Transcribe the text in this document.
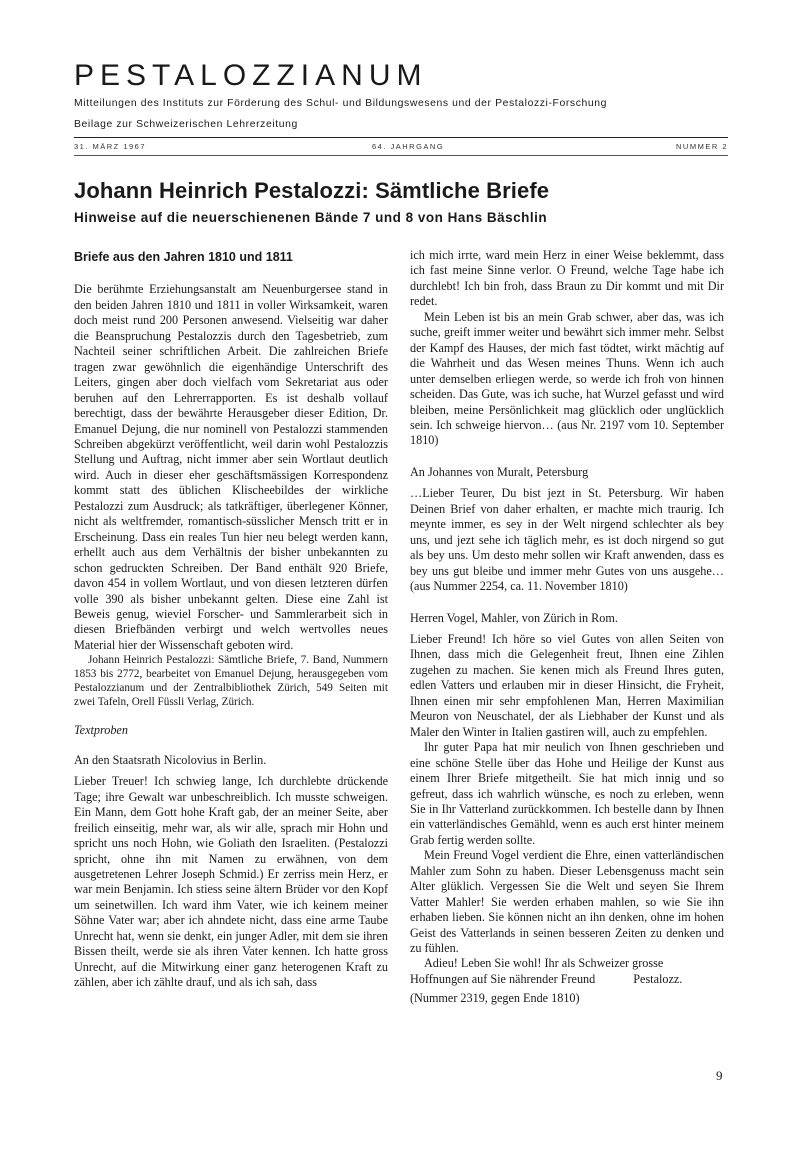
PESTALOZZIANUM
Mitteilungen des Instituts zur Förderung des Schul- und Bildungswesens und der Pestalozzi-Forschung
Beilage zur Schweizerischen Lehrerzeitung
31. MÄRZ 1967	64. JAHRGANG	NUMMER 2
Johann Heinrich Pestalozzi: Sämtliche Briefe
Hinweise auf die neuerschienenen Bände 7 und 8 von Hans Bäschlin
Briefe aus den Jahren 1810 und 1811

Die berühmte Erziehungsanstalt am Neuenburgersee stand in den beiden Jahren 1810 und 1811 in voller Wirksamkeit, waren doch meist rund 200 Personen anwesend. Vielseitig war daher die Beanspruchung Pestalozzis durch den Tagesbetrieb, zum Nachteil seiner schriftlichen Arbeit. Die zahlreichen Briefe tragen zwar gewöhnlich die eigenhändige Unterschrift des Leiters, gingen aber doch vielfach vom Sekretariat aus oder beruhen auf den Lehrerrapporten. Es ist deshalb vollauf berechtigt, dass der bewährte Herausgeber dieser Edition, Dr. Emanuel Dejung, die nur nominell von Pestalozzi stammenden Schreiben abgekürzt veröffentlicht, weil darin wohl Pestalozzis Stellung und Auftrag, nicht immer aber sein Wortlaut deutlich wird. Auch in dieser eher geschäftsmässigen Korrespondenz kommt statt des üblichen Klischeebildes der wirkliche Pestalozzi zum Ausdruck; als tatkräftiger, überlegener Könner, nicht als weltfremder, romantisch-süsslicher Mensch tritt er in Erscheinung. Dass ein reales Tun hier neu belegt werden kann, erhellt auch aus dem Verhältnis der bisher unbekannten zu schon gedruckten Schreiben. Der Band enthält 920 Briefe, davon 454 in vollem Wortlaut, und von diesen letzteren dürfen volle 390 als bisher unbekannt gelten. Diese eine Zahl ist Beweis genug, wieviel Forscher- und Sammlerarbeit sich in diesen Briefbänden verbirgt und welch wertvolles neues Material hier der Wissenschaft geboten wird.

Johann Heinrich Pestalozzi: Sämtliche Briefe, 7. Band, Nummern 1853 bis 2772, bearbeitet von Emanuel Dejung, herausgegeben vom Pestalozzianum und der Zentralbibliothek Zürich, 549 Seiten mit zwei Tafeln, Orell Füssli Verlag, Zürich.

Textproben
An den Staatsrath Nicolovius in Berlin.

Lieber Treuer! Ich schwieg lange, Ich durchlebte drückende Tage; ihre Gewalt war unbeschreiblich. Ich musste schweigen. Ein Mann, dem Gott hohe Kraft gab, der an meiner Seite, aber freilich einseitig, mehr war, als wir alle, sprach mir Hohn und spricht uns noch Hohn, wie Goliath den Israeliten. (Pestalozzi spricht, ohne ihn mit Namen zu erwähnen, von dem ausgetretenen Lehrer Joseph Schmid.) Er zerriss mein Herz, er war mein Benjamin. Ich stiess seine ältern Brüder vor den Kopf um seinetwillen. Ich ward ihm Vater, wie ich keinem meiner Söhne Vater war; aber ich ahndete nicht, dass eine arme Taube Unrecht hat, wenn sie denkt, ein junger Adler, mit dem sie ihren Bissen theilt, werde sie als ihren Vater kennen. Ich hatte gross Unrecht, auf die Mitwirkung einer ganz heterogenen Kraft zu zählen, aber ich zählte drauf, und als ich sah, dass

ich mich irrte, ward mein Herz in einer Weise beklemmt, dass ich fast meine Sinne verlor. O Freund, welche Tage habe ich durchlebt! Ich bin froh, dass Braun zu Dir kommt und mit Dir redet.

Mein Leben ist bis an mein Grab schwer, aber das, was ich suche, greift immer weiter und bewährt sich immer mehr. Selbst der Kampf des Hauses, der mich fast tödtet, wirkt mächtig auf die Wahrheit und das Wesen meines Thuns. Wenn ich auch unter demselben erliegen werde, so werde ich froh von hinnen scheiden. Das Gute, was ich suche, hat Wurzel gefasst und wird bleiben, meine Persönlichkeit mag glücklich oder unglücklich sein. Ich schweige hiervon… (aus Nr. 2197 vom 10. September 1810)

An Johannes von Muralt, Petersburg

…Lieber Teurer, Du bist jezt in St. Petersburg. Wir haben Deinen Brief von daher erhalten, er machte mich traurig. Ich meynte immer, es sey in der Welt nirgend schlechter als bey uns, und jezt sehe ich täglich mehr, es ist doch nirgend so gut als bey uns. Um desto mehr sollen wir Kraft anwenden, dass es bey uns gut bleibe und immer mehr Gutes von uns ausgehe… (aus Nummer 2254, ca. 11. November 1810)

Herren Vogel, Mahler, von Zürich in Rom.

Lieber Freund! Ich höre so viel Gutes von allen Seiten von Ihnen, dass mich die Gelegenheit freut, Ihnen eine Zihlen zugehen zu machen. Sie kenen mich als Freund Ihres guten, edlen Vatters und erlauben mir in dieser Hinsicht, die Fryheit, Ihnen einen mir sehr empfohlenen Man, Herren Maximilian Meuron von Neuschatel, der als Liebhaber der Kunst und als Maler den Winter in Italien gastiren will, auch zu empfehlen.

Ihr guter Papa hat mir neulich von Ihnen geschrieben und eine schöne Stelle über das Hohe und Heilige der Kunst aus einem Ihrer Briefe mitgetheilt. Sie hat mich innig und so gefreut, dass ich wahrlich wünsche, es noch zu erleben, wenn Sie in Ihr Vatterland zurückkommen. Ich bestelle dann by Ihnen ein vatterländisches Gemähld, wenn es auch erst hinter meinem Grab fertig werden sollte.

Mein Freund Vogel verdient die Ehre, einen vatterländischen Mahler zum Sohn zu haben. Dieser Lebensgenuss macht sein Alter glüklich. Vergessen Sie die Welt und seyen Sie Ihrem Vatter Mahler! Sie werden erhaben mahlen, so wie Sie ihn erhaben lieben. Sie können nicht an ihn denken, ohne im hohen Geist des Vatterlands in seinen besseren Zeiten zu denken und zu fühlen.

Adieu! Leben Sie wohl! Ihr als Schweizer grosse Hoffnungen auf Sie nährender Freund	Pestalozz.

(Nummer 2319, gegen Ende 1810)

9
